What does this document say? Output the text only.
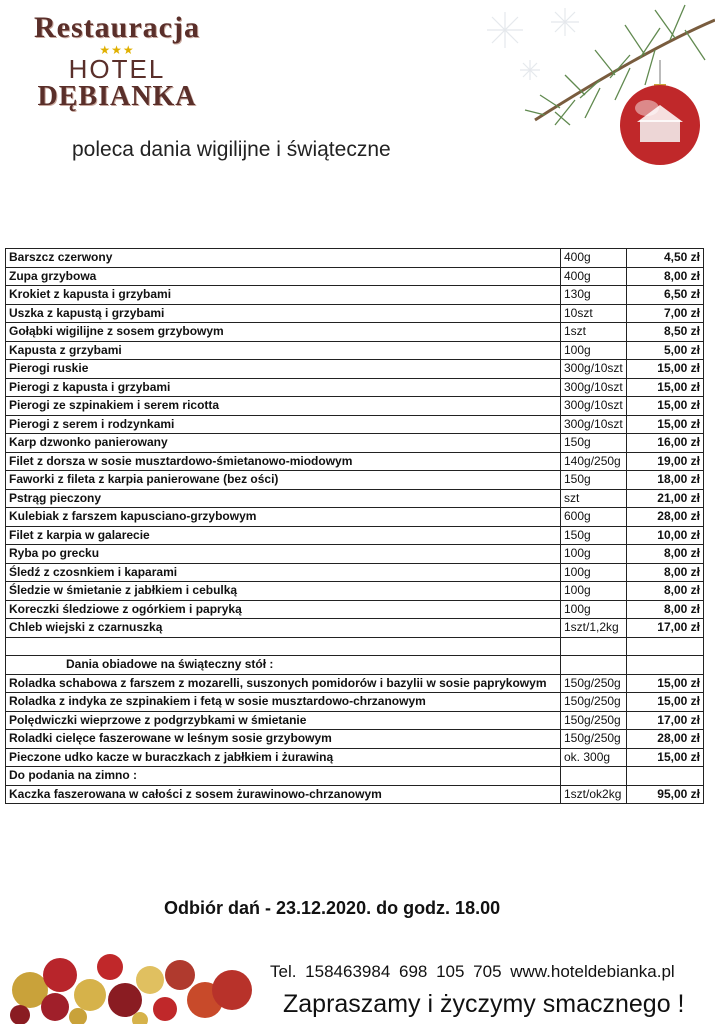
Restauracja
★★★
HOTEL
DĘBIANKA
poleca dania wigilijne i świąteczne
Barszcz czerwony	400g	4,50 zł
Zupa grzybowa	400g	8,00 zł
Krokiet z kapusta i grzybami	130g	6,50 zł
Uszka z kapustą i grzybami	10szt	7,00 zł
Gołąbki wigilijne z sosem grzybowym	1szt	8,50 zł
Kapusta z grzybami	100g	5,00 zł
Pierogi ruskie	300g/10szt	15,00 zł
Pierogi z kapusta i grzybami	300g/10szt	15,00 zł
Pierogi ze szpinakiem i serem ricotta	300g/10szt	15,00 zł
Pierogi z serem i rodzynkami	300g/10szt	15,00 zł
Karp dzwonko panierowany	150g	16,00 zł
Filet z dorsza w sosie musztardowo-śmietanowo-miodowym	140g/250g	19,00 zł
Faworki z fileta z karpia panierowane (bez ości)	150g	18,00 zł
Pstrąg pieczony	szt	21,00 zł
Kulebiak z farszem kapusciano-grzybowym	600g	28,00 zł
Filet z karpia w galarecie	150g	10,00 zł
Ryba po grecku	100g	8,00 zł
Śledź z czosnkiem i kaparami	100g	8,00 zł
Śledzie w śmietanie z jabłkiem i cebulką	100g	8,00 zł
Koreczki śledziowe z ogórkiem i papryką	100g	8,00 zł
Chleb wiejski z czarnuszką	1szt/1,2kg	17,00 zł

Dania obiadowe na świąteczny stół :		
Roladka schabowa z farszem z mozarelli, suszonych pomidorów i bazylii w sosie paprykowym	150g/250g	15,00 zł
Roladka z indyka ze szpinakiem i fetą w sosie musztardowo-chrzanowym	150g/250g	15,00 zł
Polędwiczki wieprzowe z podgrzybkami w śmietanie	150g/250g	17,00 zł
Roladki cielęce faszerowane w leśnym sosie grzybowym	150g/250g	28,00 zł
Pieczone udko kacze w buraczkach z jabłkiem i żurawiną	ok. 300g	15,00 zł
Do podania na zimno :		
Kaczka faszerowana w całości z sosem żurawinowo-chrzanowym	1szt/ok2kg	95,00 zł
Odbiór dań - 23.12.2020. do godz. 18.00
Tel. 158463984 698 105 705 www.hoteldebianka.pl
Zapraszamy i życzymy smacznego !
